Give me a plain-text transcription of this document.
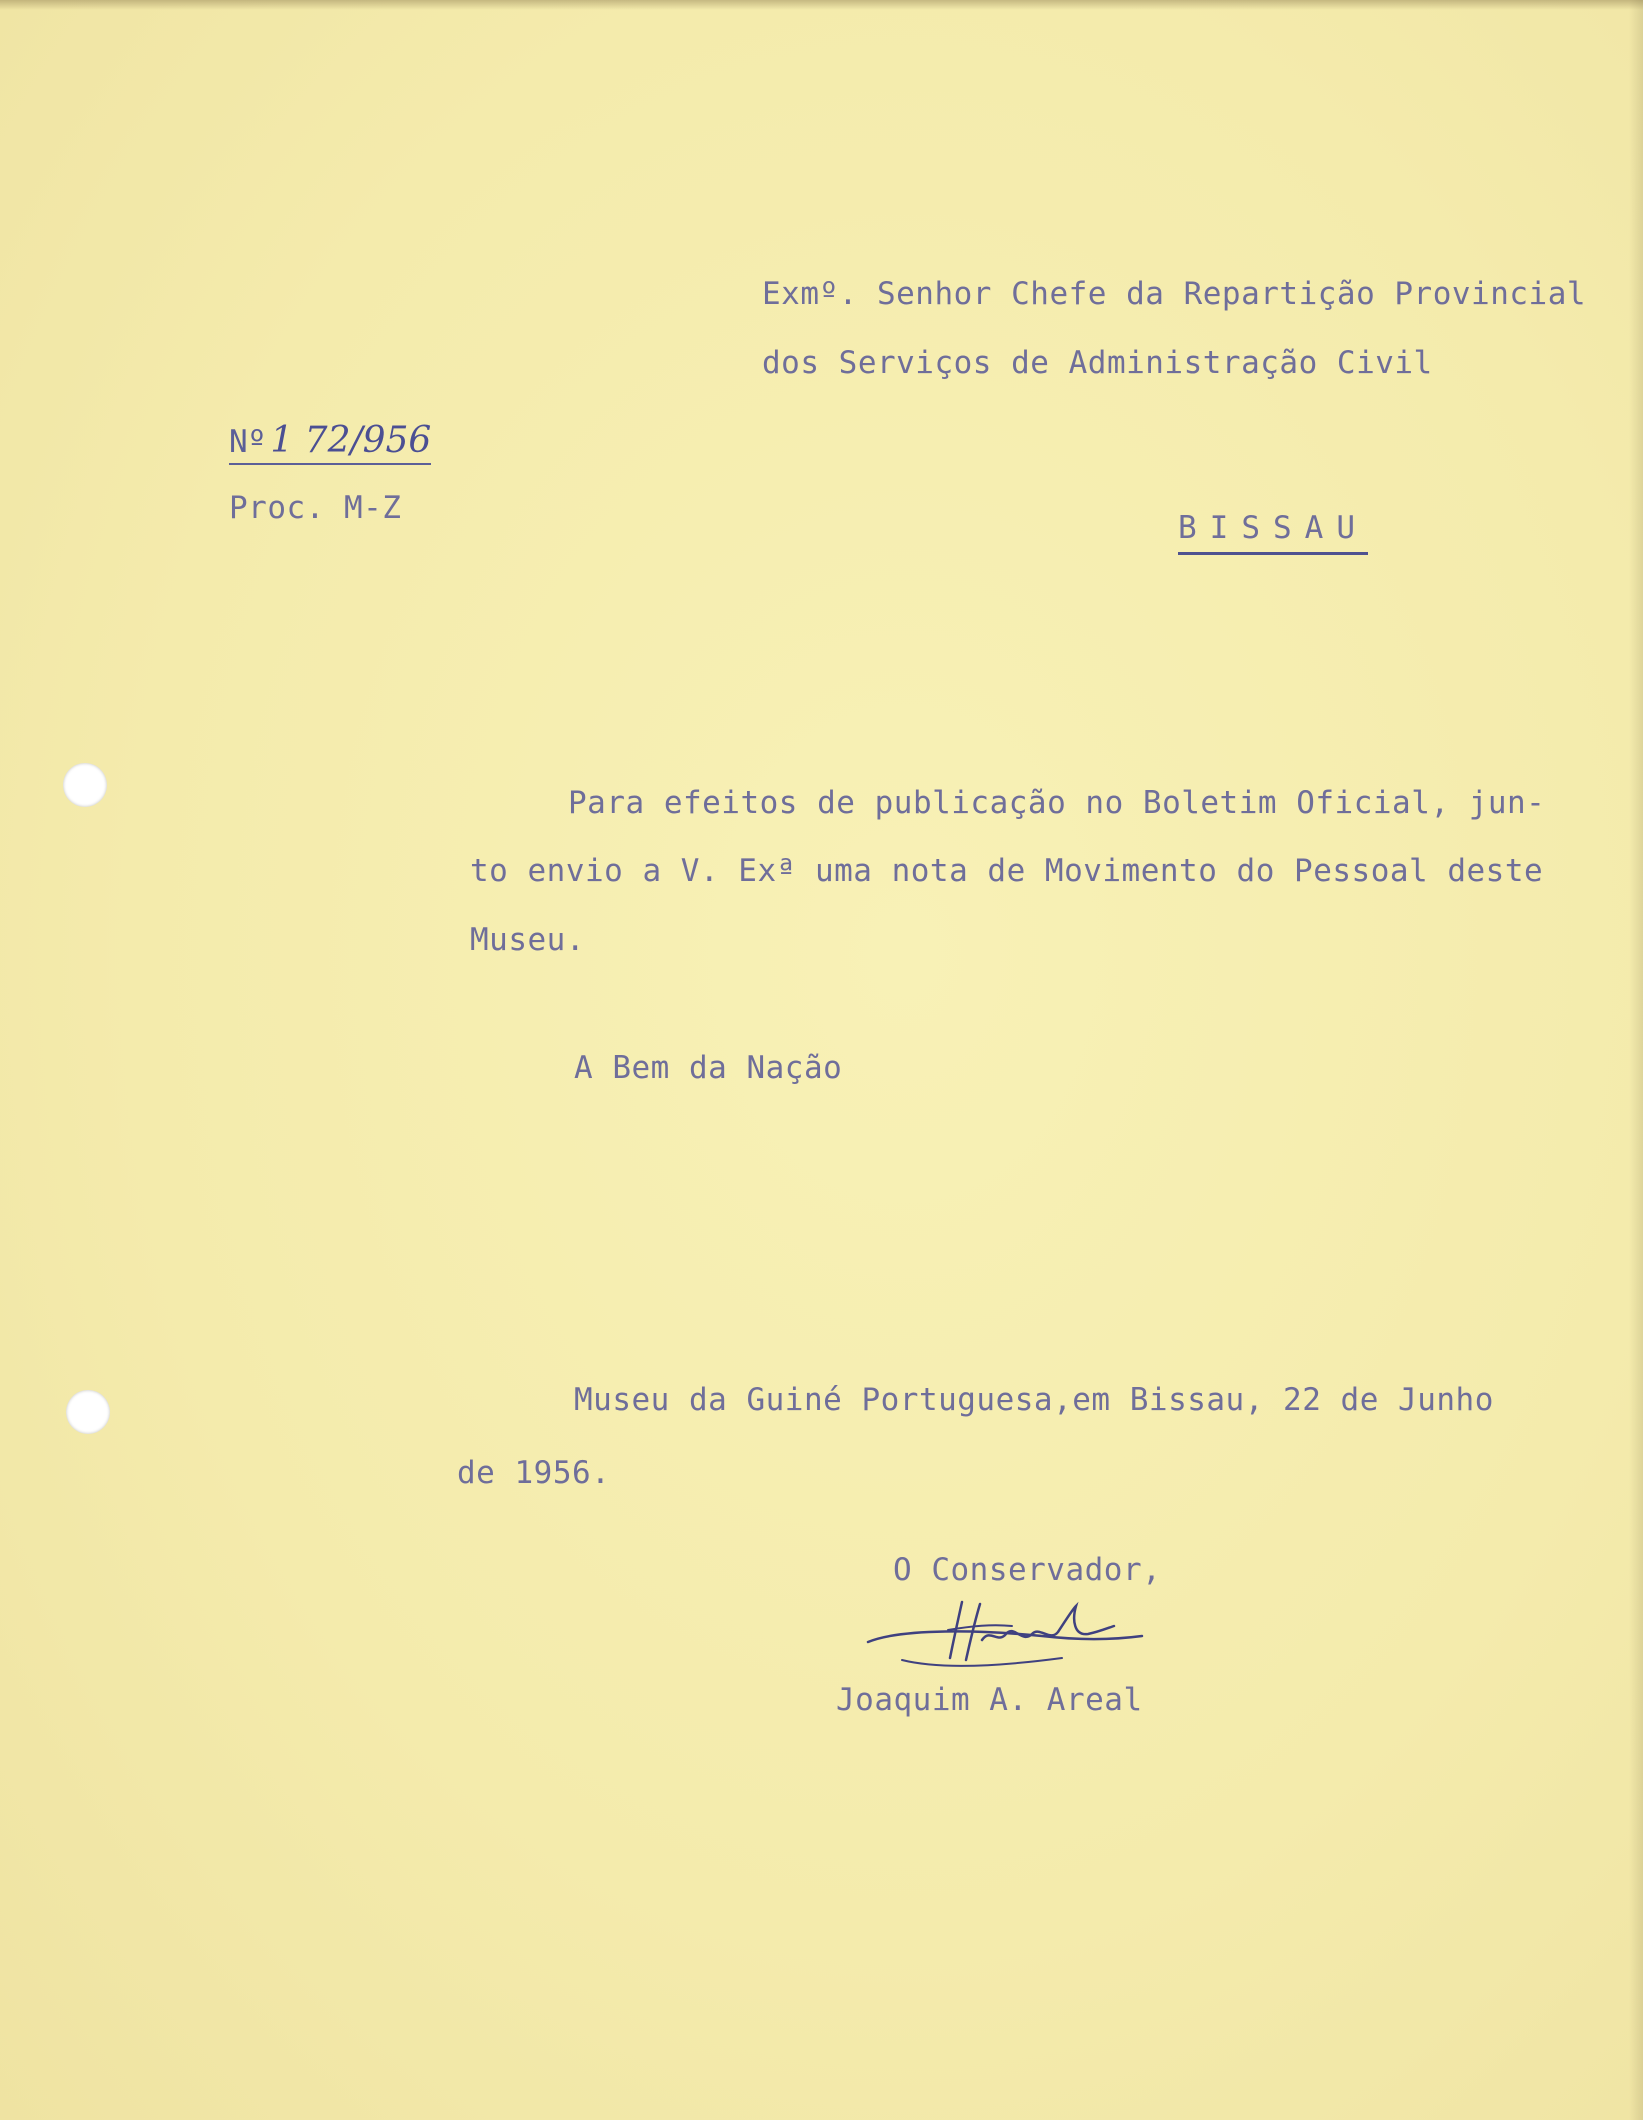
Exmº. Senhor Chefe da Repartição Provincial
dos Serviços de Administração Civil
Nº 1 72/956
Proc. M-Z
BISSAU
Para efeitos de publicação no Boletim Oficial, jun-
to envio a V. Exª uma nota de Movimento do Pessoal deste
Museu.
A Bem da Nação
Museu da Guiné Portuguesa,em Bissau, 22 de Junho
de 1956.
O Conservador,
Joaquim A. Areal
